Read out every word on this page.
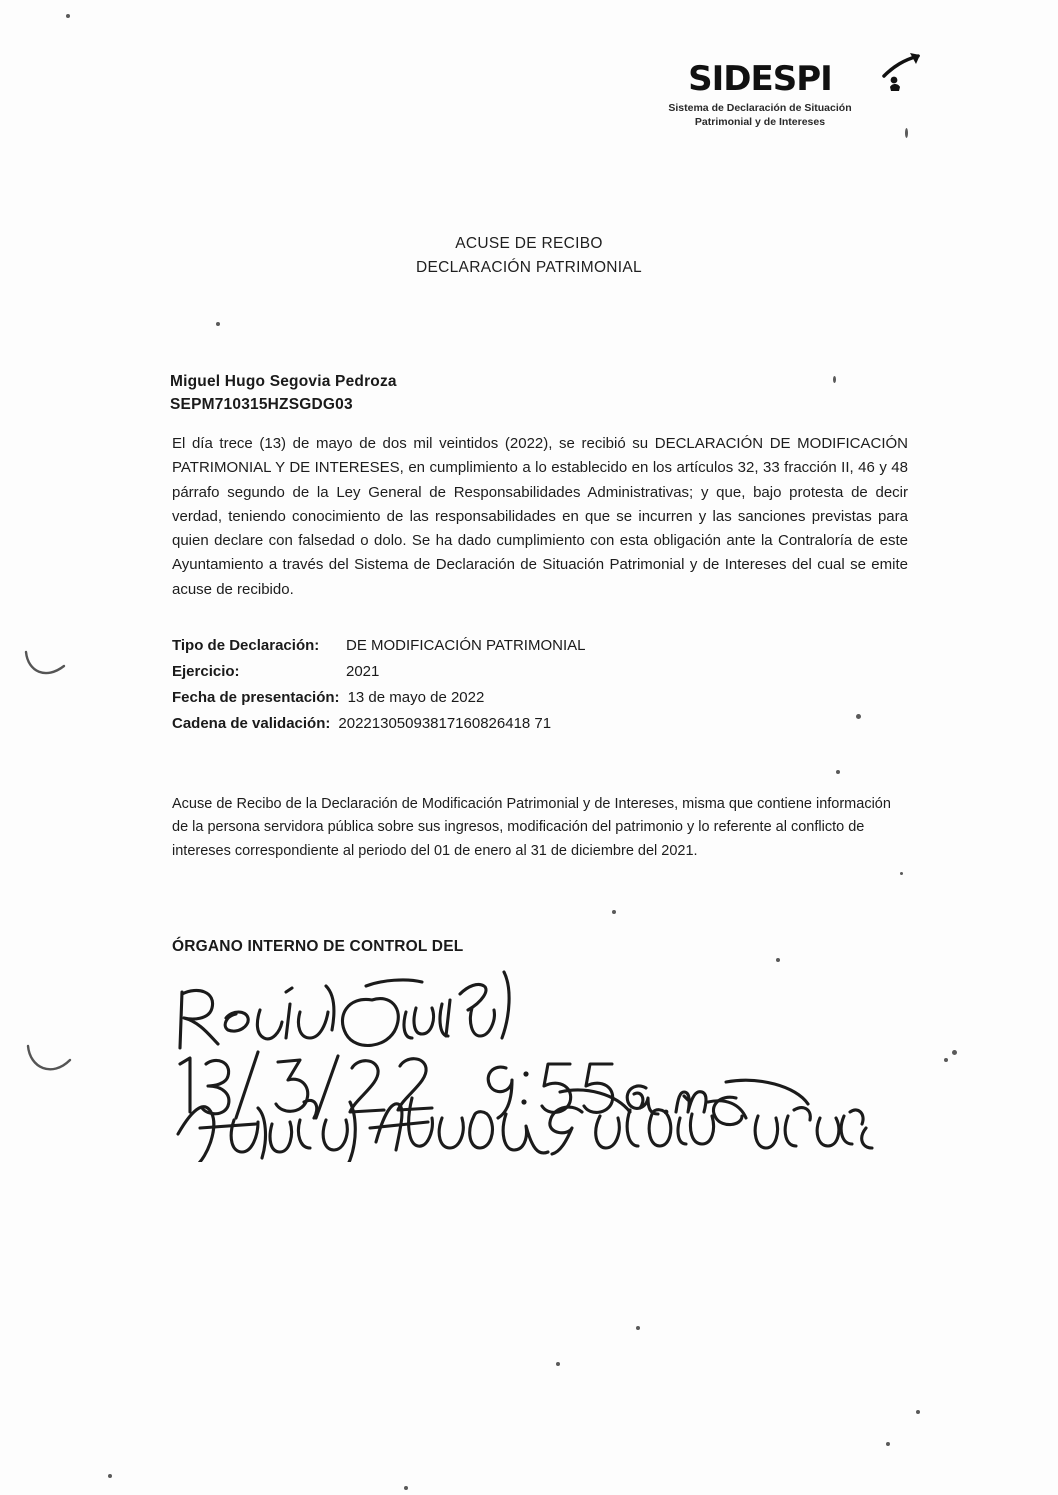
SIDESPI
Sistema de Declaración de Situación
Patrimonial y de Intereses
ACUSE DE RECIBO
DECLARACIÓN PATRIMONIAL
Miguel Hugo Segovia Pedroza
SEPM710315HZSGDG03
El día trece (13) de mayo de dos mil veintidos (2022), se recibió su DECLARACIÓN DE MODIFICACIÓN PATRIMONIAL Y DE INTERESES, en cumplimiento a lo establecido en los artículos 32, 33 fracción II, 46 y 48 párrafo segundo de la Ley General de Responsabilidades Administrativas; y que, bajo protesta de decir verdad, teniendo conocimiento de las responsabilidades en que se incurren y las sanciones previstas para quien declare con falsedad o dolo. Se ha dado cumplimiento con esta obligación ante la Contraloría de este Ayuntamiento a través del Sistema de Declaración de Situación Patrimonial y de Intereses del cual se emite acuse de recibido.
Tipo de Declaración:	DE MODIFICACIÓN PATRIMONIAL
Ejercicio:	2021
Fecha de presentación: 13 de mayo de 2022
Cadena de validación: 20221305093817160826418 71
Acuse de Recibo de la Declaración de Modificación Patrimonial y de Intereses, misma que contiene información de la persona servidora pública sobre sus ingresos, modificación del patrimonio y lo referente al conflicto de intereses correspondiente al periodo del 01 de enero al 31 de diciembre del 2021.
ÓRGANO INTERNO DE CONTROL DEL
